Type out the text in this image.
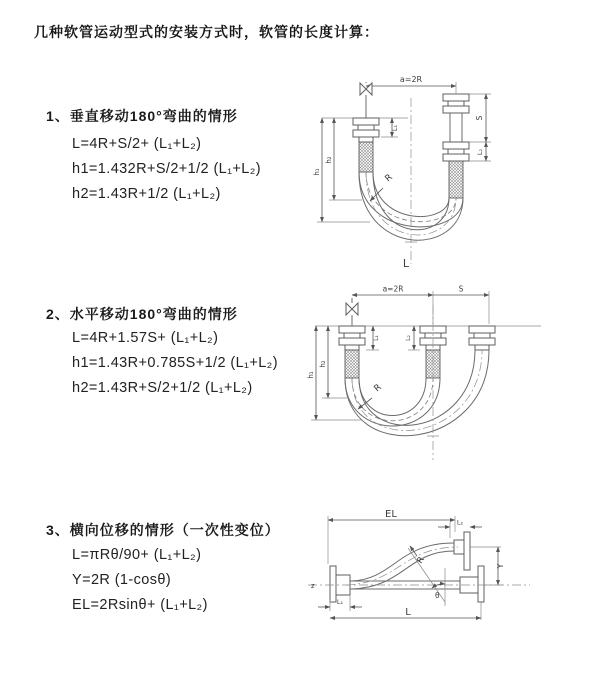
几种软管运动型式的安装方式时，软管的长度计算：
1、垂直移动180°弯曲的情形
L=4R+S/2+ (L₁+L₂)
h1=1.432R+S/2+1/2 (L₁+L₂)
h2=1.43R+1/2 (L₁+L₂)
2、水平移动180°弯曲的情形
L=4R+1.57S+ (L₁+L₂)
h1=1.43R+0.785S+1/2 (L₁+L₂)
h2=1.43R+S/2+1/2 (L₁+L₂)
3、横向位移的情形（一次性变位）
L=πRθ/90+ (L₁+L₂)
Y=2R (1-cosθ)
EL=2Rsinθ+ (L₁+L₂)
a=2R
S
L₂
L₁
h₁
h₂
R
L
a=2R	S
L₁	L₂
h₁
h₂
R
EL
L₂
Y
z
R
θ
L₁
L
